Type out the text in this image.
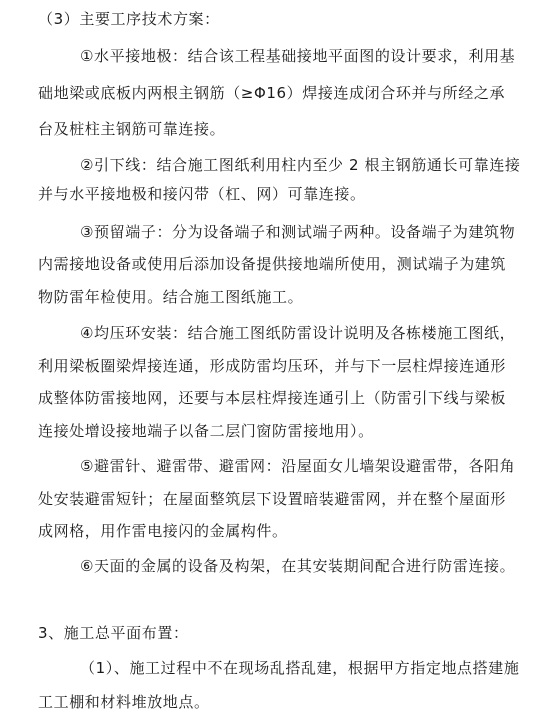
（3）主要工序技术方案：
①水平接地极：结合该工程基础接地平面图的设计要求，利用基
础地梁或底板内两根主钢筋（≥Φ16）焊接连成闭合环并与所经之承
台及桩柱主钢筋可靠连接。
②引下线：结合施工图纸利用柱内至少 2 根主钢筋通长可靠连接
并与水平接地极和接闪带（杠、网）可靠连接。
③预留端子：分为设备端子和测试端子两种。设备端子为建筑物
内需接地设备或使用后添加设备提供接地端所使用，测试端子为建筑
物防雷年检使用。结合施工图纸施工。
④均压环安装：结合施工图纸防雷设计说明及各栋楼施工图纸，
利用梁板圈梁焊接连通，形成防雷均压环，并与下一层柱焊接连通形
成整体防雷接地网，还要与本层柱焊接连通引上（防雷引下线与梁板
连接处增设接地端子以备二层门窗防雷接地用）。
⑤避雷针、避雷带、避雷网：沿屋面女儿墙架设避雷带，各阳角
处安装避雷短针；在屋面整筑层下设置暗装避雷网，并在整个屋面形
成网格，用作雷电接闪的金属构件。
⑥天面的金属的设备及构架，在其安装期间配合进行防雷连接。
3、施工总平面布置：
（1）、施工过程中不在现场乱搭乱建，根据甲方指定地点搭建施
工工棚和材料堆放地点。
